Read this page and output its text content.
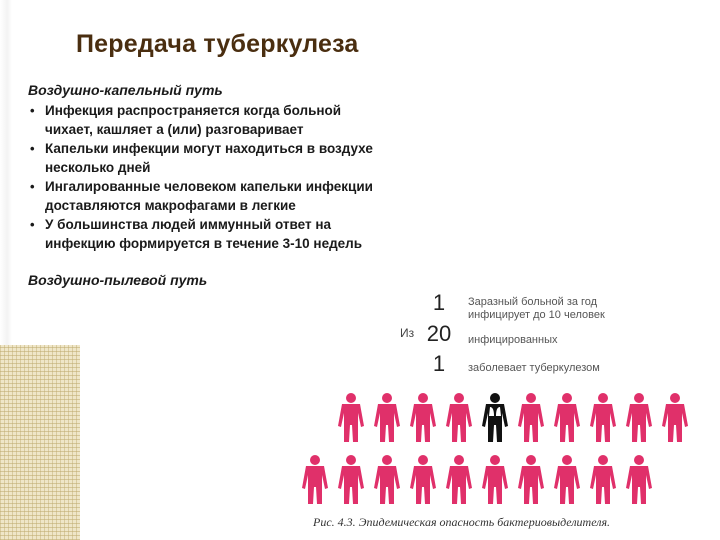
Передача туберкулеза
Воздушно-капельный путь
• Инфекция распространяется когда больной
чихает, кашляет а (или) разговаривает
• Капельки инфекции могут находиться в воздухе
несколько дней
• Ингалированные человеком капельки инфекции
доставляются макрофагами в легкие
• У большинства людей иммунный ответ на
инфекцию формируется в течение 3-10 недель
Воздушно-пылевой путь
1
20
1
Из
Заразный больной за год
инфицирует до 10 человек
инфицированных
заболевает туберкулезом
Рис. 4.3. Эпидемическая опасность бактериовыделителя.
